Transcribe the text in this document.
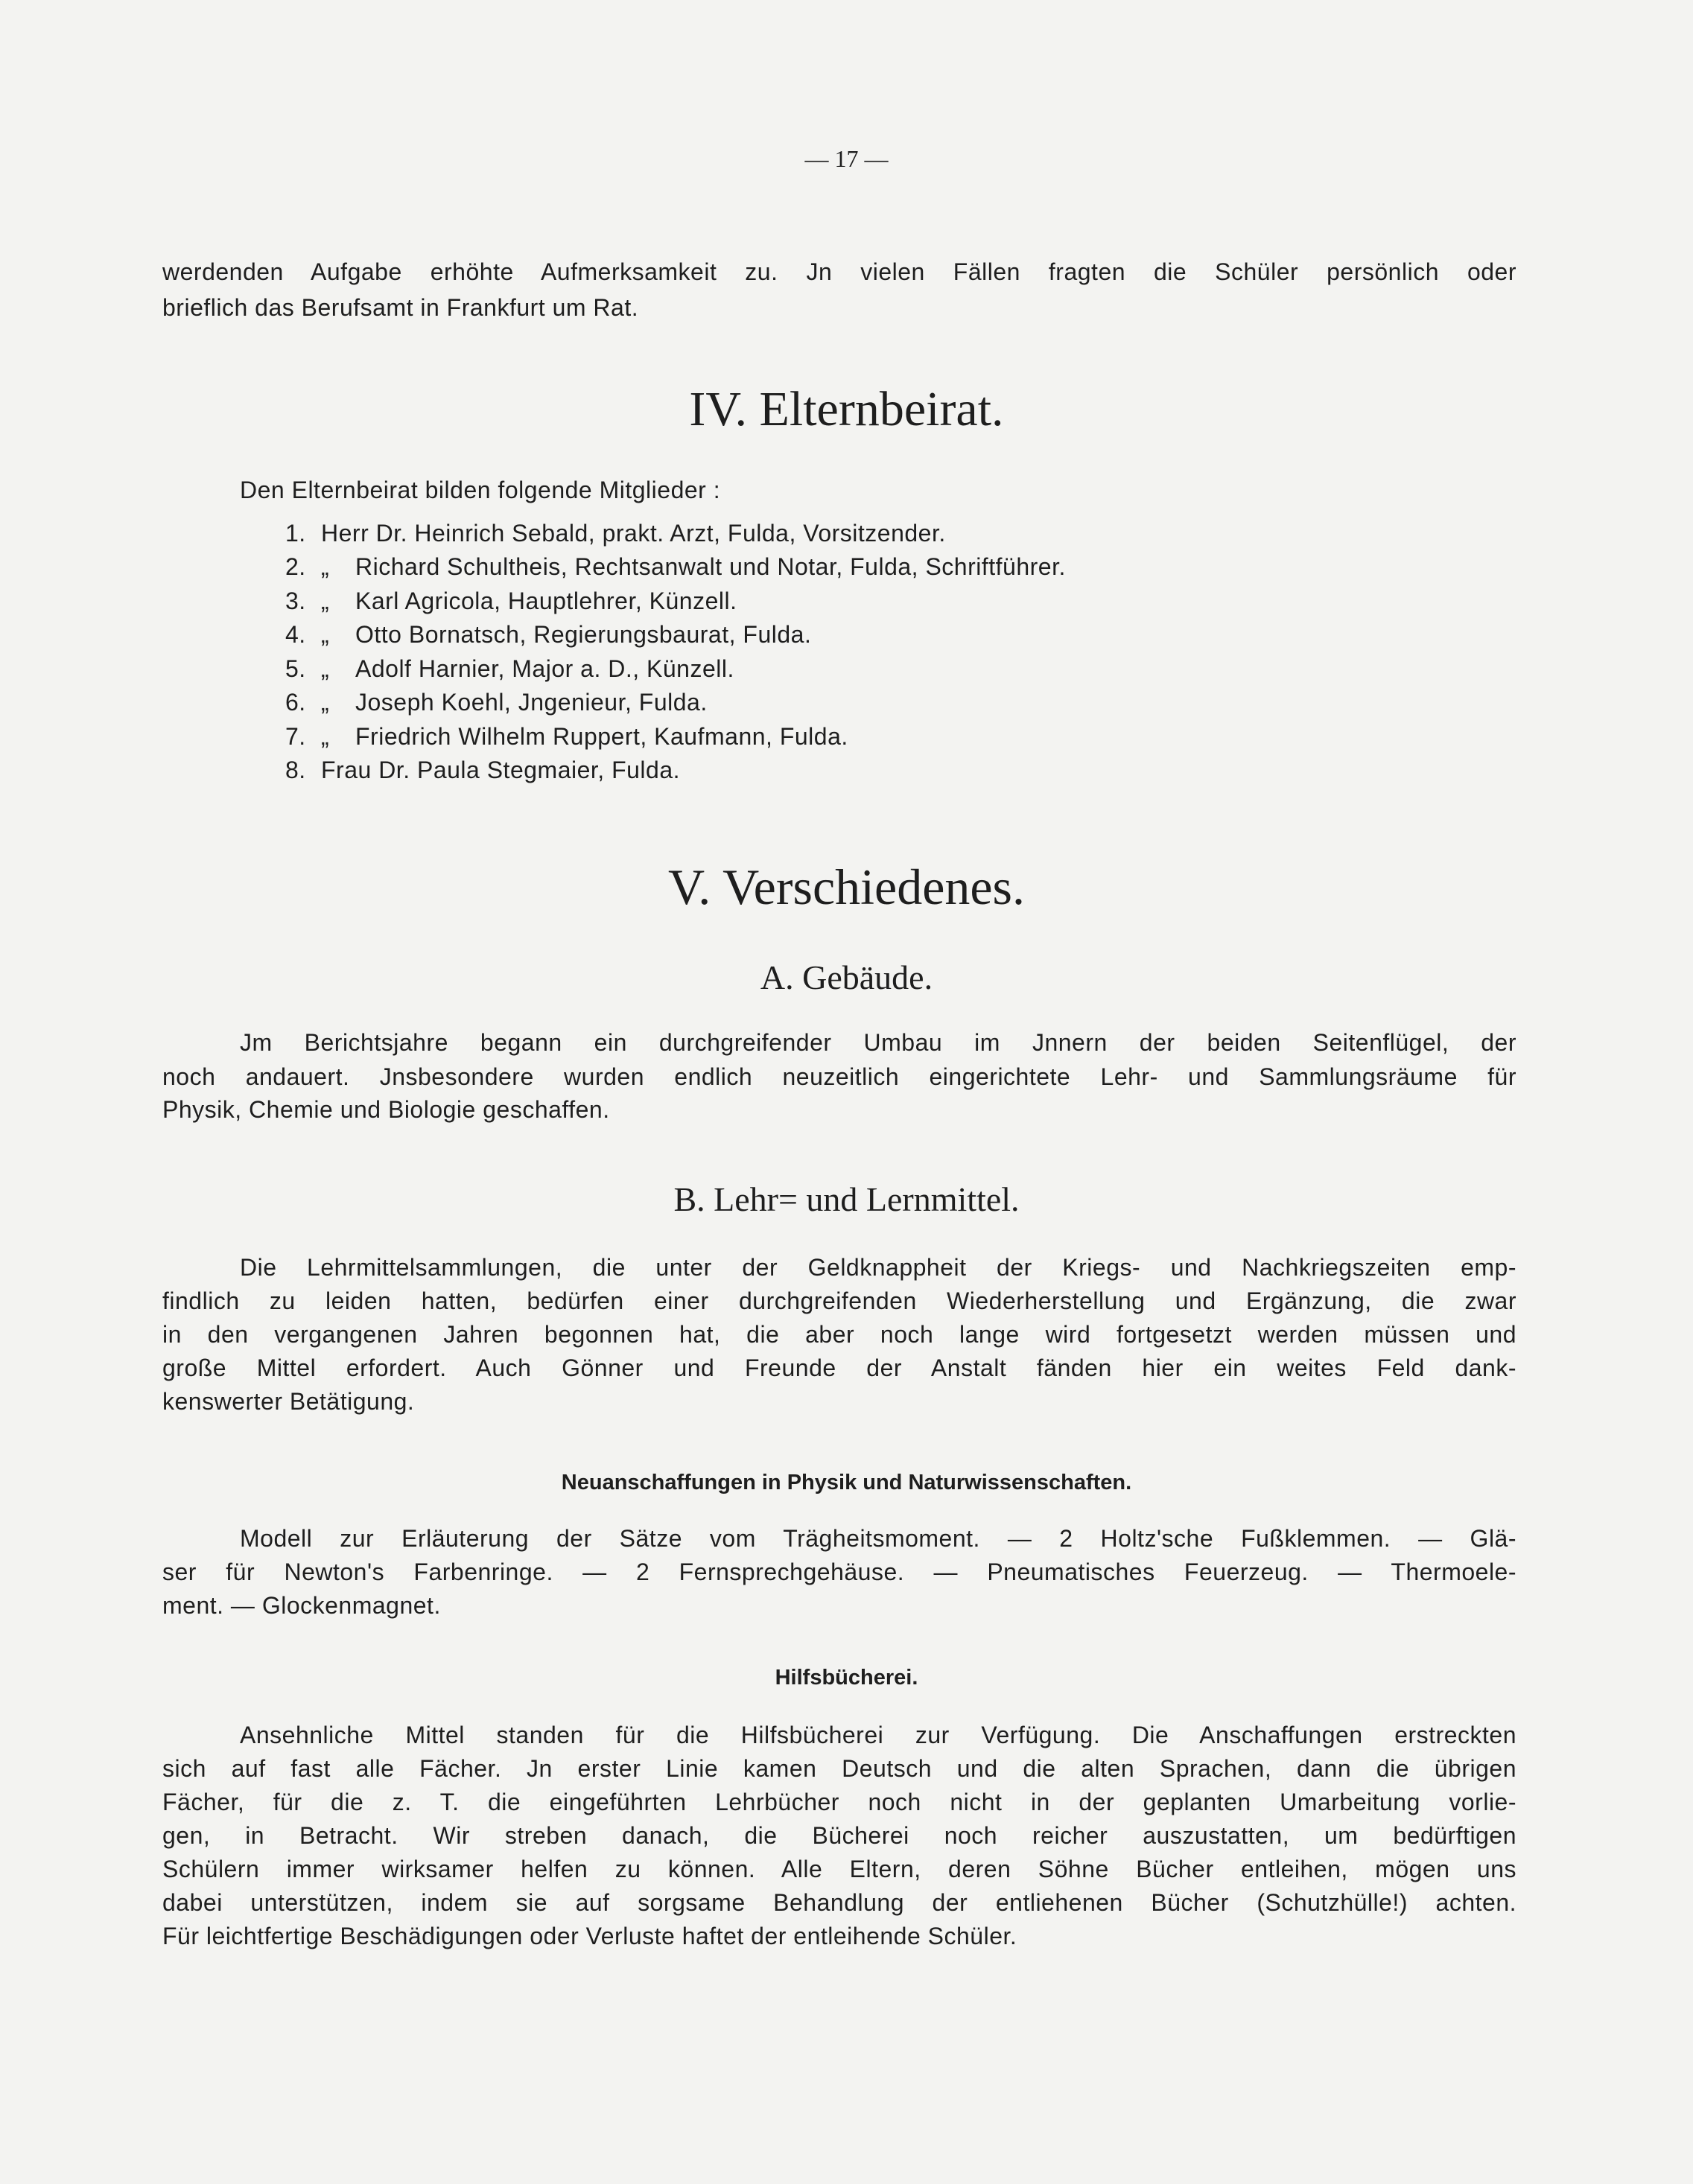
— 17 —
werdenden Aufgabe erhöhte Aufmerksamkeit zu. Jn vielen Fällen fragten die Schüler persönlich oder
brieflich das Berufsamt in Frankfurt um Rat.
IV. Elternbeirat.
Den Elternbeirat bilden folgende Mitglieder :
1. Herr Dr. Heinrich Sebald, prakt. Arzt, Fulda, Vorsitzender.
2. „ Richard Schultheis, Rechtsanwalt und Notar, Fulda, Schriftführer.
3. „ Karl Agricola, Hauptlehrer, Künzell.
4. „ Otto Bornatsch, Regierungsbaurat, Fulda.
5. „ Adolf Harnier, Major a. D., Künzell.
6. „ Joseph Koehl, Jngenieur, Fulda.
7. „ Friedrich Wilhelm Ruppert, Kaufmann, Fulda.
8. Frau Dr. Paula Stegmaier, Fulda.
V. Verschiedenes.
A. Gebäude.
Jm Berichtsjahre begann ein durchgreifender Umbau im Jnnern der beiden Seitenflügel, der
noch andauert. Jnsbesondere wurden endlich neuzeitlich eingerichtete Lehr- und Sammlungsräume für
Physik, Chemie und Biologie geschaffen.
B. Lehr= und Lernmittel.
Die Lehrmittelsammlungen, die unter der Geldknappheit der Kriegs- und Nachkriegszeiten emp-
findlich zu leiden hatten, bedürfen einer durchgreifenden Wiederherstellung und Ergänzung, die zwar
in den vergangenen Jahren begonnen hat, die aber noch lange wird fortgesetzt werden müssen und
große Mittel erfordert. Auch Gönner und Freunde der Anstalt fänden hier ein weites Feld dank-
kenswerter Betätigung.
Neuanschaffungen in Physik und Naturwissenschaften.
Modell zur Erläuterung der Sätze vom Trägheitsmoment. — 2 Holtz'sche Fußklemmen. — Glä-
ser für Newton's Farbenringe. — 2 Fernsprechgehäuse. — Pneumatisches Feuerzeug. — Thermoele-
ment. — Glockenmagnet.
Hilfsbücherei.
Ansehnliche Mittel standen für die Hilfsbücherei zur Verfügung. Die Anschaffungen erstreckten
sich auf fast alle Fächer. Jn erster Linie kamen Deutsch und die alten Sprachen, dann die übrigen
Fächer, für die z. T. die eingeführten Lehrbücher noch nicht in der geplanten Umarbeitung vorlie-
gen, in Betracht. Wir streben danach, die Bücherei noch reicher auszustatten, um bedürftigen
Schülern immer wirksamer helfen zu können. Alle Eltern, deren Söhne Bücher entleihen, mögen uns
dabei unterstützen, indem sie auf sorgsame Behandlung der entliehenen Bücher (Schutzhülle!) achten.
Für leichtfertige Beschädigungen oder Verluste haftet der entleihende Schüler.
